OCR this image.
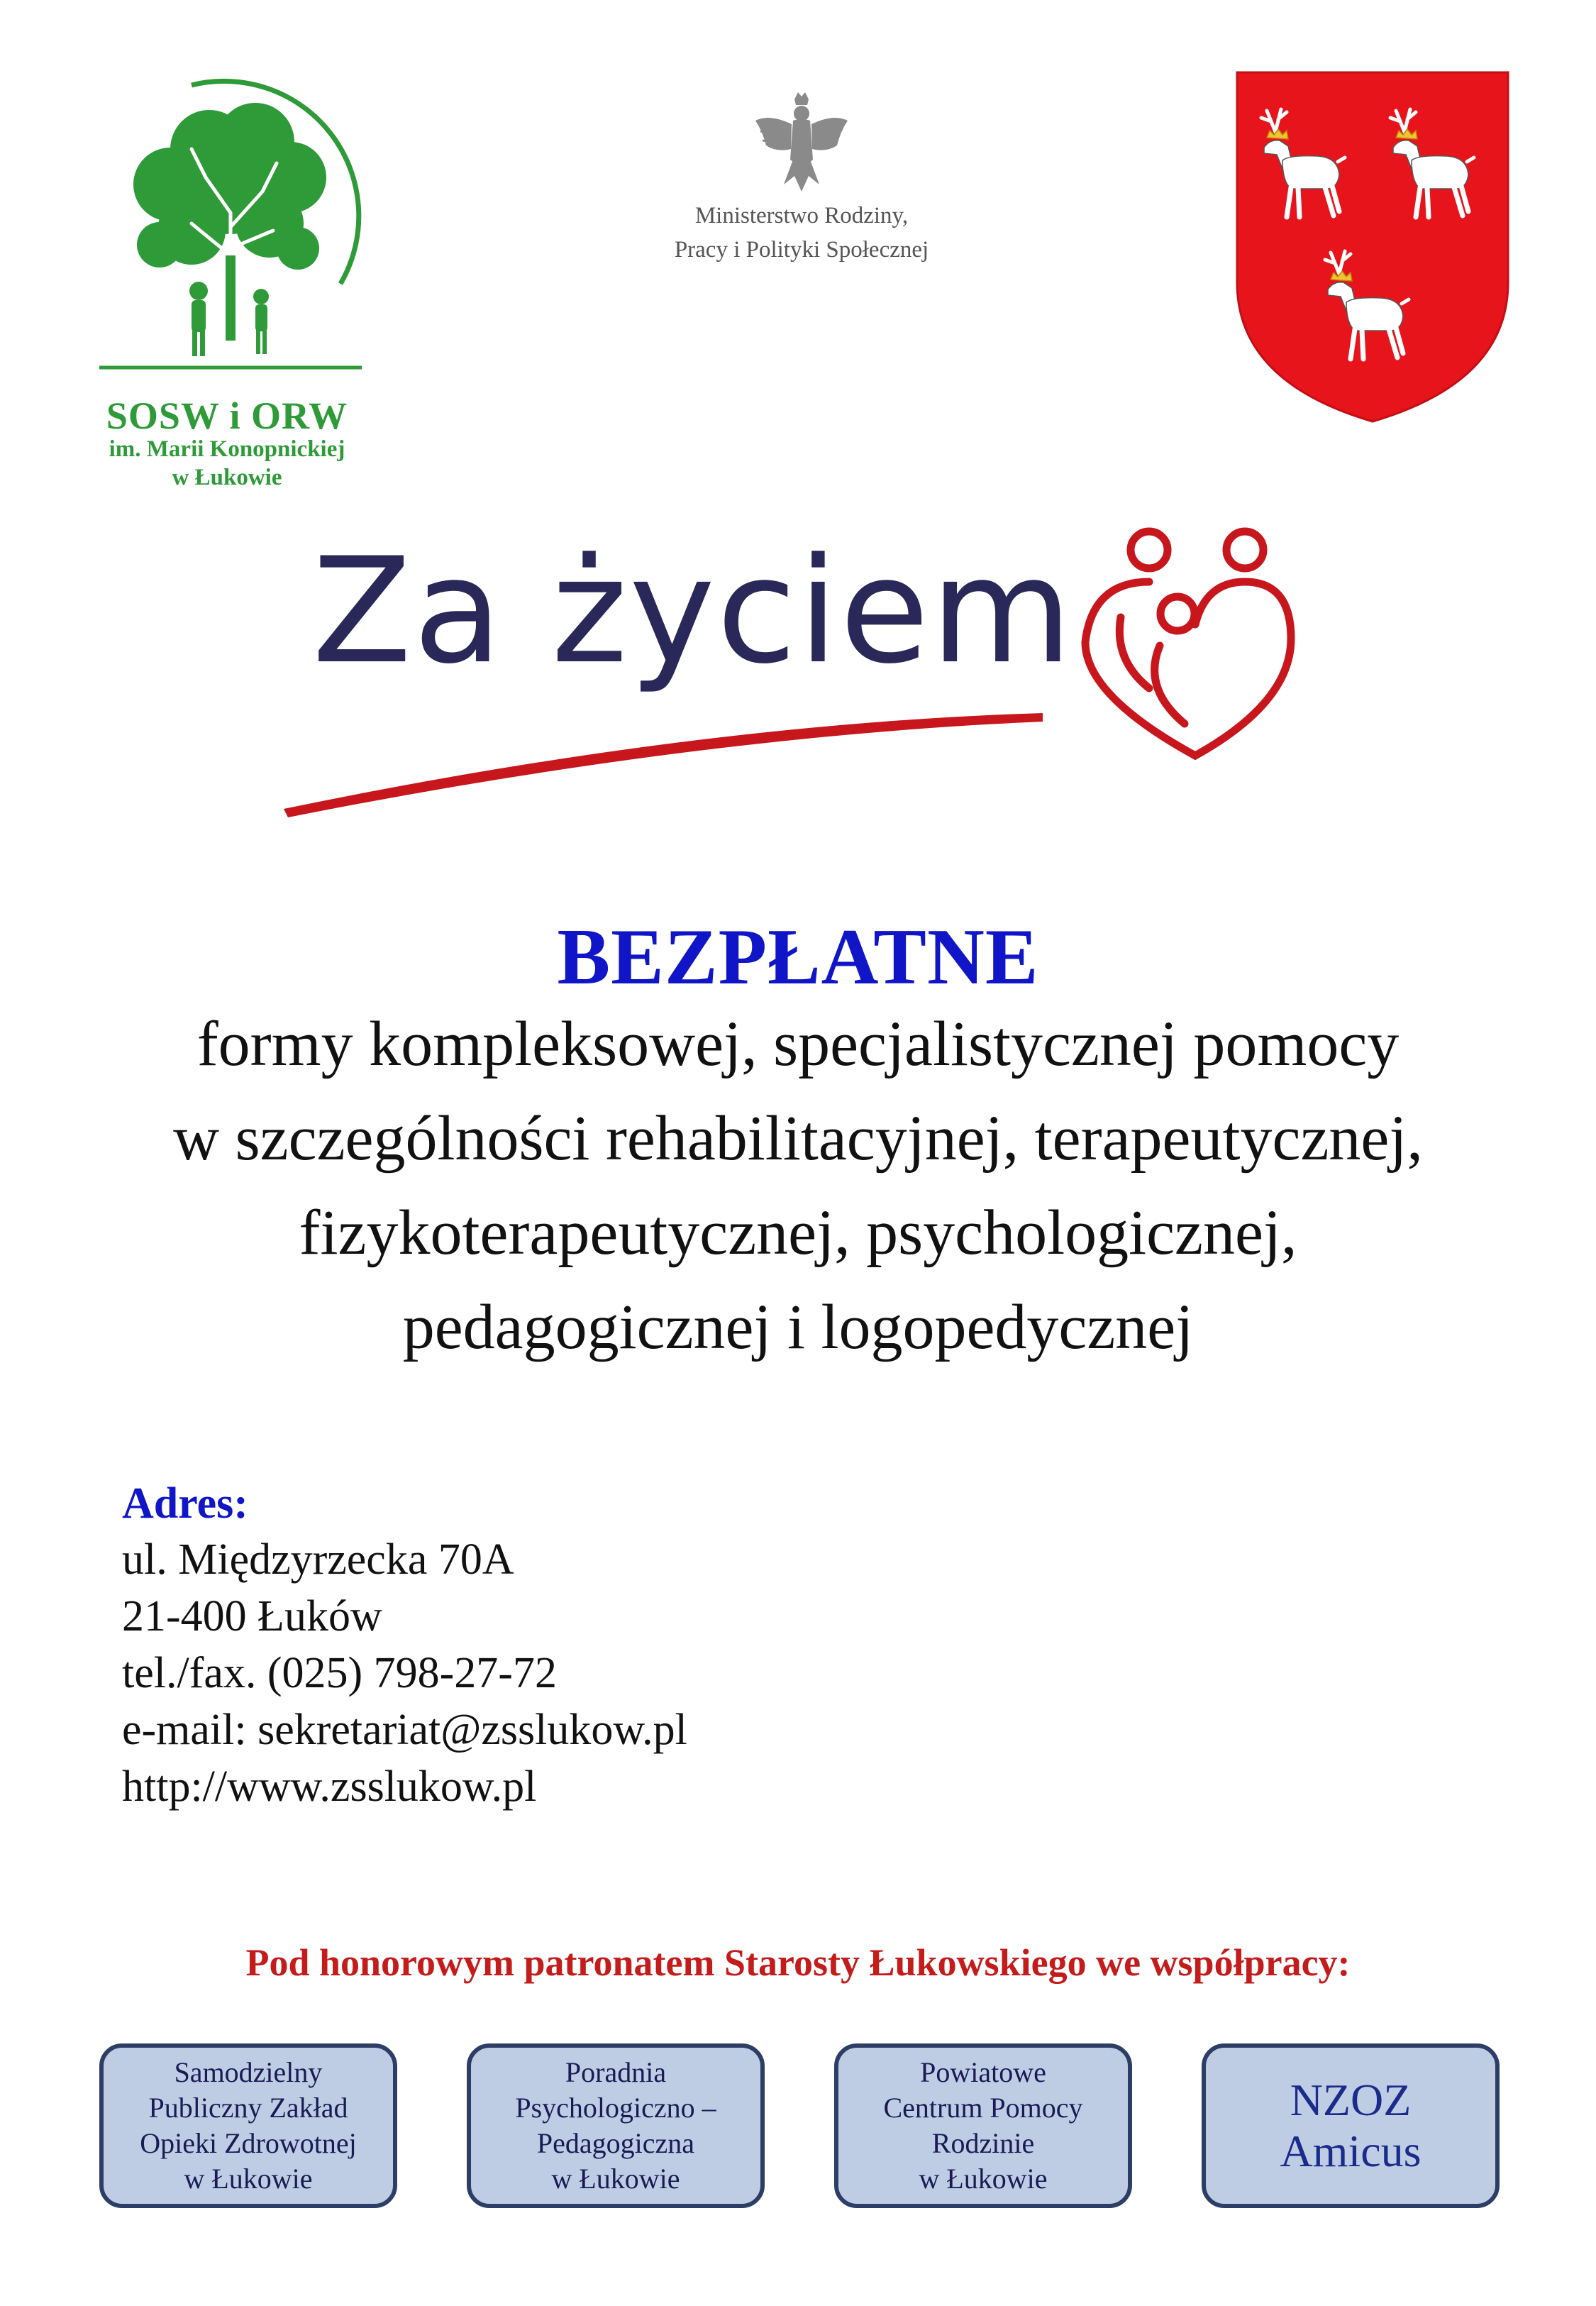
SOSW i ORW
im. Marii Konopnickiej
w Łukowie
Ministerstwo Rodziny,
Pracy i Polityki Społecznej
Za życiem
BEZPŁATNE
formy kompleksowej, specjalistycznej pomocy
w szczególności rehabilitacyjnej, terapeutycznej,
fizykoterapeutycznej, psychologicznej,
pedagogicznej i logopedycznej
Adres:
ul. Międzyrzecka 70A
21-400 Łuków
tel./fax. (025) 798-27-72
e-mail: sekretariat@zsslukow.pl
http://www.zsslukow.pl
Pod honorowym patronatem Starosty Łukowskiego we współpracy:
Samodzielny
Publiczny Zakład
Opieki Zdrowotnej
w Łukowie
Poradnia
Psychologiczno –
Pedagogiczna
w Łukowie
Powiatowe
Centrum Pomocy
Rodzinie
w Łukowie
NZOZ
Amicus
